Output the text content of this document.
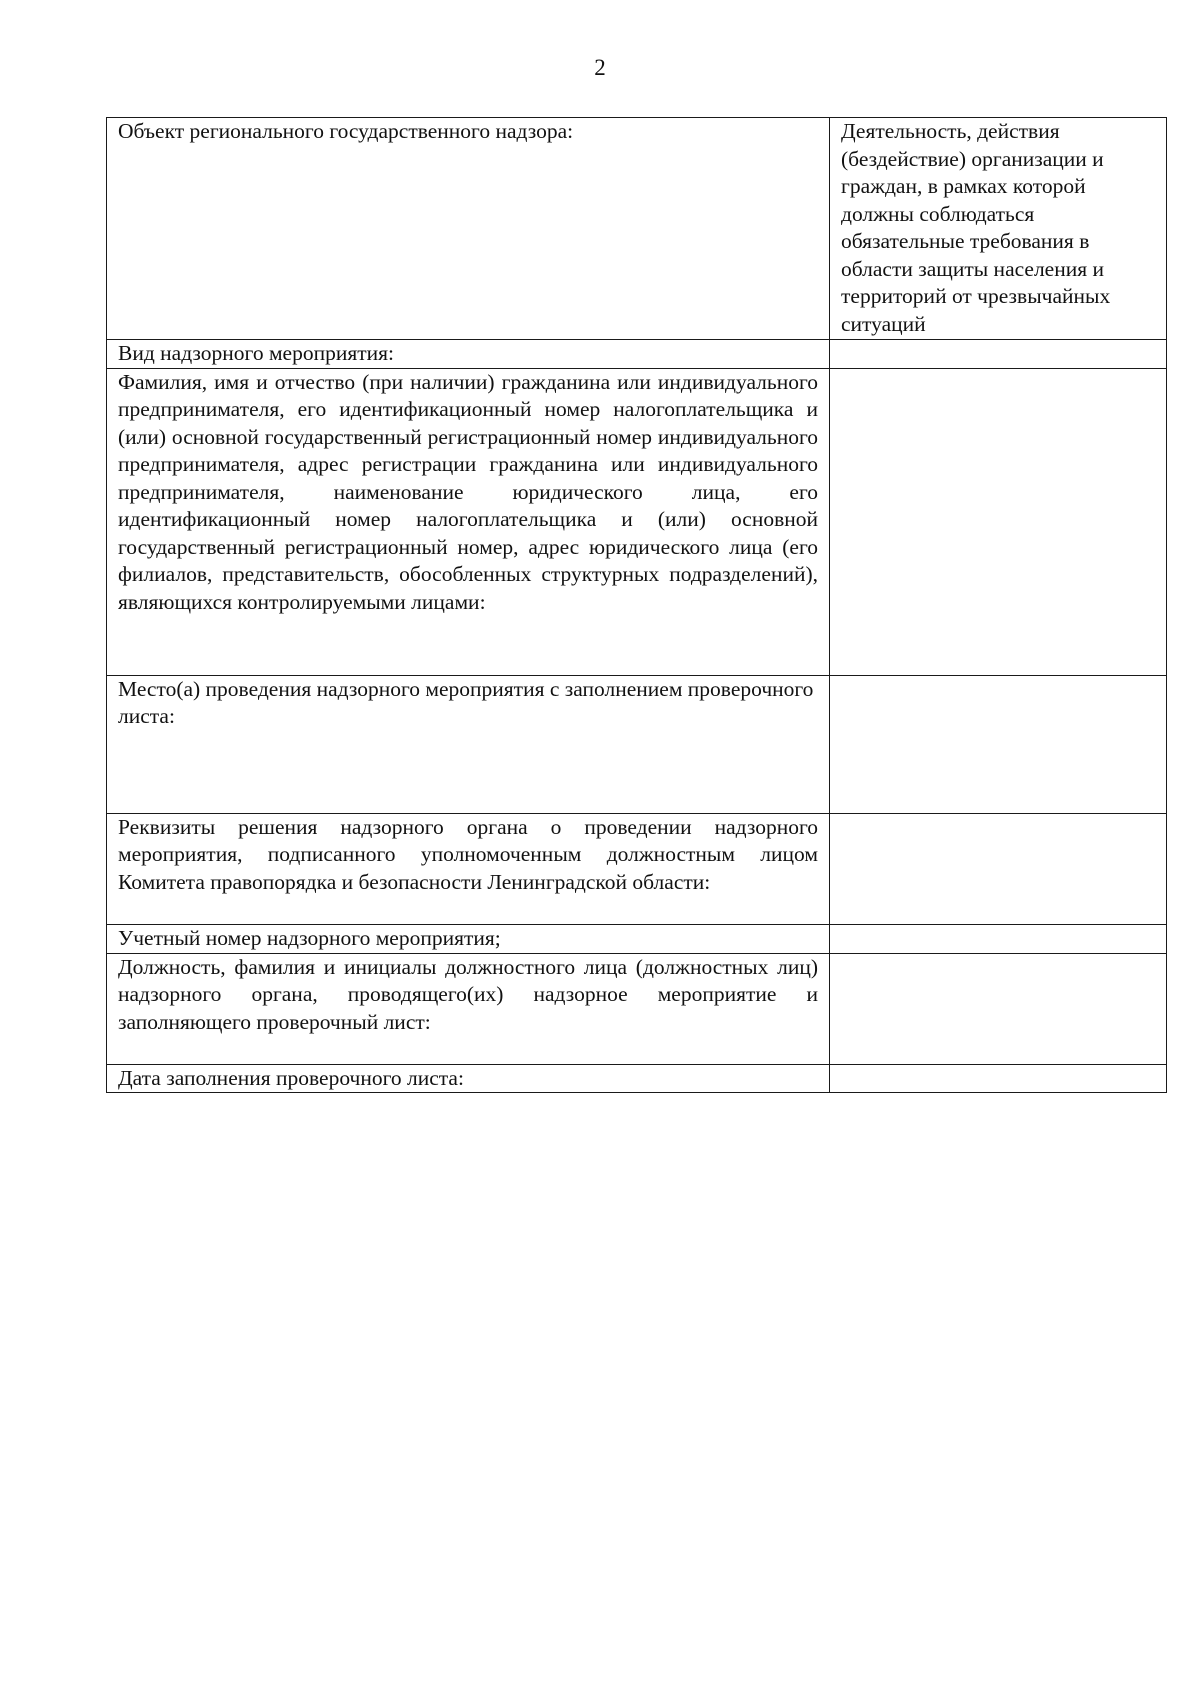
2
Объект регионального государственного надзора:	Деятельность, действия (бездействие) организации и граждан, в рамках которой должны соблюдаться обязательные требования в области защиты населения и территорий от чрезвычайных ситуаций
Вид надзорного мероприятия:	
Фамилия, имя и отчество (при наличии) гражданина или индивидуального предпринимателя, его идентификационный номер налогоплательщика и (или) основной государственный регистрационный номер индивидуального предпринимателя, адрес регистрации гражданина или индивидуального предпринимателя, наименование юридического лица, его идентификационный номер налогоплательщика и (или) основной государственный регистрационный номер, адрес юридического лица (его филиалов, представительств, обособленных структурных подразделений), являющихся контролируемыми лицами:	
Место(а) проведения надзорного мероприятия с заполнением проверочного листа:	
Реквизиты решения надзорного органа о проведении надзорного мероприятия, подписанного уполномоченным должностным лицом Комитета правопорядка и безопасности Ленинградской области:	
Учетный номер надзорного мероприятия;	
Должность, фамилия и инициалы должностного лица (должностных лиц) надзорного органа, проводящего(их) надзорное мероприятие и заполняющего проверочный лист:	
Дата заполнения проверочного листа:	
